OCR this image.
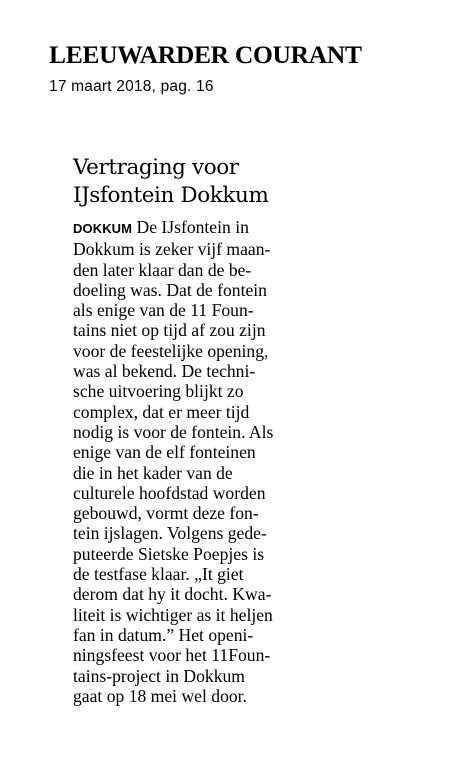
LEEUWARDER COURANT
17 maart 2018, pag. 16
Vertraging voor
IJsfontein Dokkum
DOKKUM De IJsfontein in
Dokkum is zeker vijf maan-
den later klaar dan de be-
doeling was. Dat de fontein
als enige van de 11 Foun-
tains niet op tijd af zou zijn
voor de feestelijke opening,
was al bekend. De techni-
sche uitvoering blijkt zo
complex, dat er meer tijd
nodig is voor de fontein. Als
enige van de elf fonteinen
die in het kader van de
culturele hoofdstad worden
gebouwd, vormt deze fon-
tein ijslagen. Volgens gede-
puteerde Sietske Poepjes is
de testfase klaar. „It giet
derom dat hy it docht. Kwa-
liteit is wichtiger as it heljen
fan in datum.” Het openi-
ningsfeest voor het 11Foun-
tains-project in Dokkum
gaat op 18 mei wel door.
